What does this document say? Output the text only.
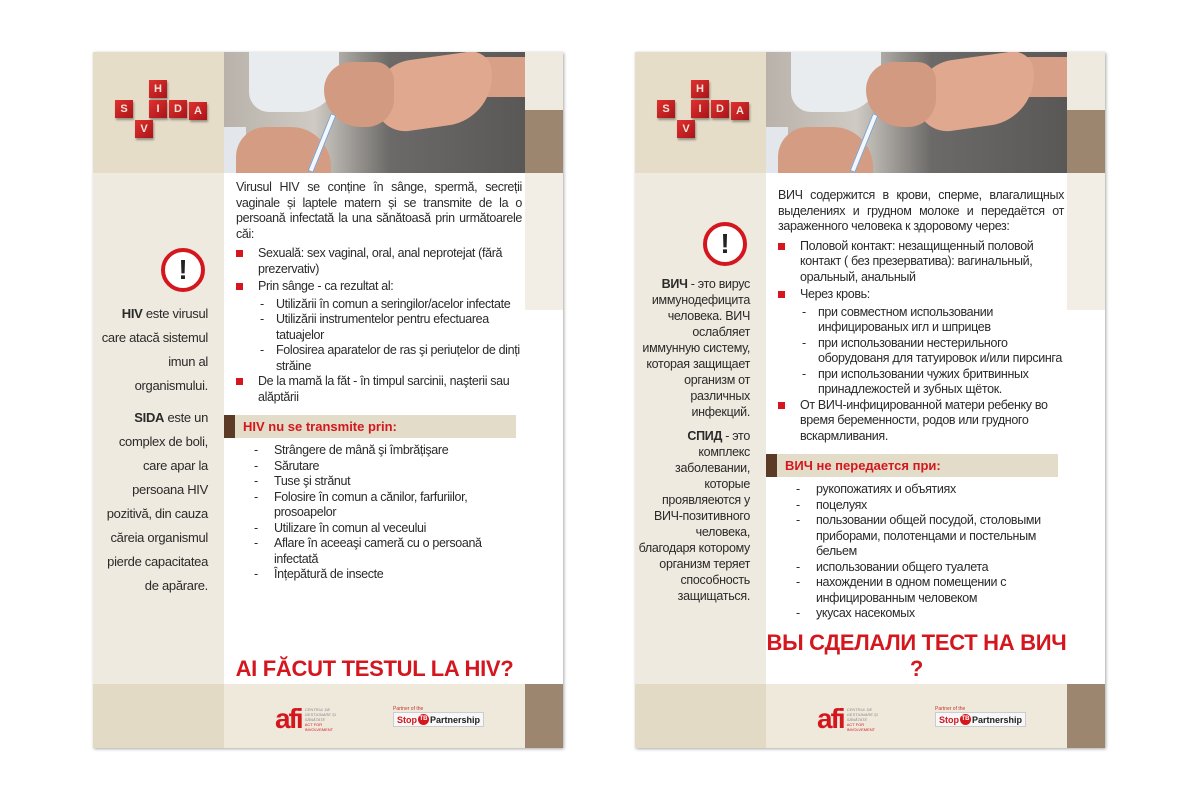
H
S	I	D	A
V
!

HIV este virusul care atacă sistemul imun al organismului.

SIDA este un complex de boli, care apar la persoana HIV pozitivă, din cauza căreia organismul pierde capacitatea de apărare.

Virusul HIV se conține în sânge, spermă, secreții vaginale și laptele matern și se transmite de la o persoană infectată la una sănătoasă prin următoarele căi:

Sexuală: sex vaginal, oral, anal neprotejat (fără prezervativ)
Prin sânge - ca rezultat al:
- Utilizării în comun a seringilor/acelor infectate
- Utilizării instrumentelor pentru efectuarea tatuajelor
- Folosirea aparatelor de ras şi periuțelor de dinți străine
De la mamă la făt - în timpul sarcinii, naşterii sau alăptării
HIV nu se transmite prin:
- Strângere de mână şi îmbrățişare
- Sărutare
- Tuse şi strănut
- Folosire în comun a cănilor, farfuriilor, prosoapelor
- Utilizare în comun al veceului
- Aflare în aceeaşi cameră cu o persoană infectată
- Înțepătură de insecte
AI FĂCUT TESTUL LA HIV?
afi CENTRUL DE GESTIONARE ȘI SĂNĂTATE
ACT FOR
INVOLVEMENT
Partner of the
Stop TB Partnership
H
S	I	D	A
V
!

ВИЧ - это вирус иммунодефицита человека. ВИЧ ослабляет иммунную систему, которая защищает организм от различных инфекций.

СПИД - это комплекс заболевании, которые проявляеются у ВИЧ-позитивного человека, благодаря которому организм теряет способность защищаться.

ВИЧ содержится в крови, сперме, влагалищных выделениях и грудном молоке и передаётся от зараженного человека к здоровому через:

Половой контакт: незащищенный половой контакт ( без презерватива): вагинальный, оральный, анальный
Через кровь:
- при совместном использовании инфицированых игл и шприцев
- при использовании нестерильного оборудованя для татуировок и/или пирсинга
- при использовании чужих бритвинных принадлежостей и зубных щёток.
От ВИЧ-инфицированной матери ребенку во время беременности, родов или грудного вскармливания.
ВИЧ не передается при:
- рукопожатиях и объятиях
- поцелуях
- пользовании общей посудой, столовыми приборами, полотенцами и постельным бельем
- использовании общего туалета
- нахождении в одном помещении с инфицированным человеком
- укусах насекомых
ВЫ СДЕЛАЛИ ТЕСТ НА ВИЧ ?
afi CENTRUL DE GESTIONARE ȘI SĂNĂTATE
ACT FOR
INVOLVEMENT
Partner of the
Stop TB Partnership
